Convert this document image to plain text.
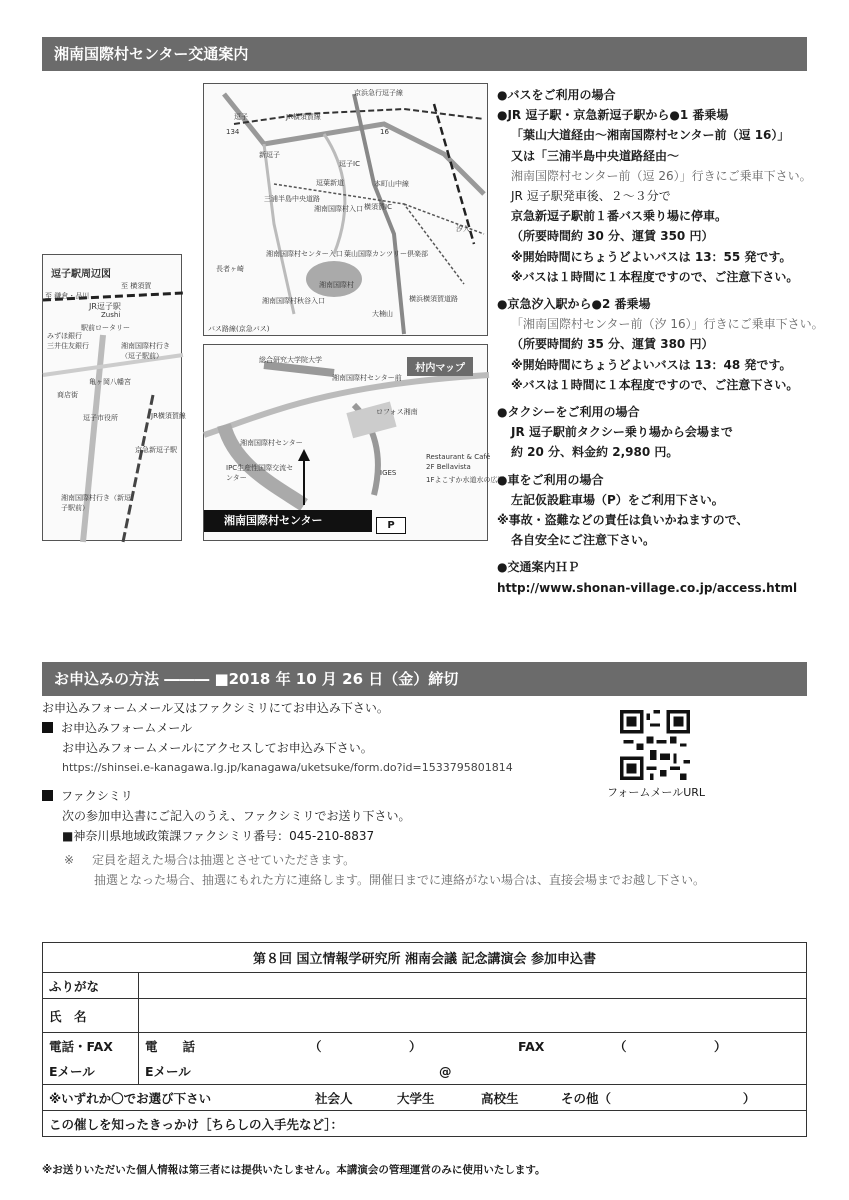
湘南国際村センター交通案内
逗子
新逗子
JR横須賀線
京浜急行逗子線
逗子IC
本町山中線
横須賀IC
三浦半島中央道路
湘南国際村入口
葉山国際カンツリー倶楽部
湘南国際村センター入口
長者ヶ崎
湘南国際村
湘南国際村秋谷入口
大楠山
横浜横須賀道路
汐入
バス路線(京急バス)
逗葉新道
16
134
逗子駅周辺図
至 鎌倉・品川
至 横須賀
JR逗子駅
Zushi
駅前ロータリー
みずほ銀行
三井住友銀行	湘南国際村行き（逗子駅前）
亀ヶ岡八幡宮
商店街
逗子市役所
湘南国際村行き（新逗子駅前）
京急新逗子駅
JR横須賀線
村内マップ
総合研究大学院大学
湘南国際村センター前
ロフォス湘南
湘南国際村センター
IPC生産性国際交流センター
IGES
Restaurant & Café
2F Bellavista
1Fよこすか水道水の広場
湘南国際村センター	P
●バスをご利用の場合
●JR 逗子駅・京急新逗子駅から●1 番乗場
「葉山大道経由〜湘南国際村センター前（逗 16）」
又は「三浦半島中央道路経由〜
湘南国際村センター前（逗 26）」行きにご乗車下さい。
JR 逗子駅発車後、２〜３分で
京急新逗子駅前１番バス乗り場に停車。
（所要時間約 30 分、運賃 350 円）
※開始時間にちょうどよいバスは 13：55 発です。
※バスは１時間に１本程度ですので、ご注意下さい。
●京急汐入駅から●2 番乗場
「湘南国際村センター前（汐 16）」行きにご乗車下さい。
（所要時間約 35 分、運賃 380 円）
※開始時間にちょうどよいバスは 13：48 発です。
※バスは１時間に１本程度ですので、ご注意下さい。
●タクシーをご利用の場合
JR 逗子駅前タクシー乗り場から会場まで
約 20 分、料金約 2,980 円。
●車をご利用の場合
左記仮設駐車場（P）をご利用下さい。
※事故・盗難などの責任は負いかねますので、
各自安全にご注意下さい。
●交通案内ＨＰ
http://www.shonan-village.co.jp/access.html
お申込みの方法 ――― ■2018 年 10 月 26 日（金）締切
お申込みフォームメール又はファクシミリにてお申込み下さい。
お申込みフォームメール
お申込みフォームメールにアクセスしてお申込み下さい。
https://shinsei.e-kanagawa.lg.jp/kanagawa/uketsuke/form.do?id=1533795801814
ファクシミリ
次の参加申込書にご記入のうえ、ファクシミリでお送り下さい。
■神奈川県地域政策課ファクシミリ番号：045‐210‐8837
※ 定員を超えた場合は抽選とさせていただきます。
抽選となった場合、抽選にもれた方に連絡します。開催日までに連絡がない場合は、直接会場までお越し下さい。
フォームメールURL
第８回 国立情報学研究所 湘南会議 記念講演会 参加申込書	
ふりがな	
氏　名	
電話・FAX	電　　話 （　　　　　　　） FAX （　　　　　　　）
Eメール	Eメール @
※いずれか〇でお選び下さい 社会人 大学生 高校生 その他（ ）	
この催しを知ったきっかけ［ちらしの入手先など］：	
※お送りいただいた個人情報は第三者には提供いたしません。本講演会の管理運営のみに使用いたします。
